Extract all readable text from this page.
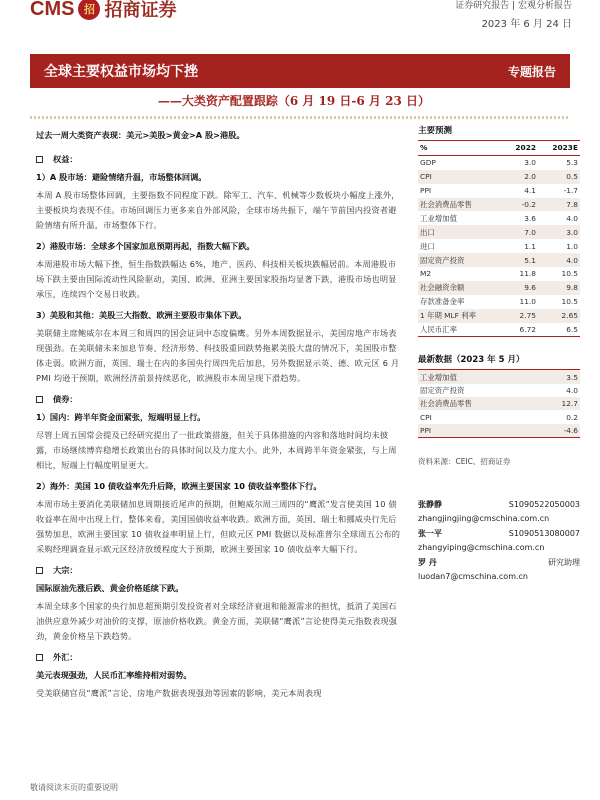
CMS 招 招商证券	证券研究报告 | 宏观分析报告
2023 年 6 月 24 日
全球主要权益市场均下挫	专题报告
——大类资产配置跟踪（6 月 19 日-6 月 23 日）

过去一周大类资产表现：美元>美股>黄金>A 股>港股。

权益：

1）A 股市场：避险情绪升温，市场整体回调。

本周 A 股市场整体回调，主要指数不同程度下跌。除军工、汽车、机械等少数板块小幅度上涨外，主要板块均表现不佳。市场回调压力更多来自外部风险，全球市场共振下，端午节前国内投资者避险情绪有所升温，市场整体下行。

2）港股市场：全球多个国家加息预期再起，指数大幅下跌。

本周港股市场大幅下挫，恒生指数跌幅达 6%，地产、医药、科技相关板块跌幅居前。本周港股市场下跌主要由国际流动性风险驱动，美国、欧洲、亚洲主要国家股指均显著下跌，港股市场也明显承压，连续四个交易日收跌。

3）美股和其他：美股三大指数、欧洲主要股市集体下跌。

美联储主席鲍威尔在本周三和周四的国会证词中态度偏鹰。另外本周数据显示，美国房地产市场表现强劲。在美联储未来加息节奏、经济形势、科技股重回跌势拖累美股大盘的情况下，美国股市整体走弱。欧洲方面，英国、瑞士在内的多国央行周四先后加息，另外数据显示英、德、欧元区 6 月 PMI 均逊于预期，欧洲经济前景持续恶化，欧洲股市本周呈现下滑趋势。

债券：

1）国内：跨半年资金面紧张，短端明显上行。

尽管上周五国常会提及已经研究提出了一批政策措施，但关于具体措施的内容和落地时间均未披露，市场继续博弈稳增长政策出台的具体时间以及力度大小。此外，本周跨半年资金紧张，与上周相比，短端上行幅度明显更大。

2）海外：美国 10 债收益率先升后降，欧洲主要国家 10 债收益率整体下行。

本周市场主要消化美联储加息周期接近尾声的预期，但鲍威尔周三周四的“鹰派”发言使美国 10 债收益率在周中出现上行，整体来看，美国国债收益率收跌。欧洲方面，英国、瑞士和挪威央行先后强势加息，欧洲主要国家 10 债收益率明显上行，但欧元区 PMI 数据以及标准普尔全球周五公布的采购经理调查显示欧元区经济放缓程度大于预期，欧洲主要国家 10 债收益率大幅下行。

大宗：

国际原油先涨后跌、黄金价格延续下跌。

本周全球多个国家的央行加息超预期引发投资者对全球经济衰退和能源需求的担忧，抵消了美国石油供应意外减少对油价的支撑，原油价格收跌。黄金方面，美联储“鹰派”言论使得美元指数表现强劲，黄金价格呈下跌趋势。

外汇：

美元表现强劲，人民币汇率维持相对弱势。

受美联储官员“鹰派”言论、房地产数据表现强劲等因素的影响，美元本周表现

主要预测
%	2022	2023E
GDP	3.0	5.3
CPI	2.0	0.5
PPI	4.1	-1.7
社会消费品零售	-0.2	7.8
工业增加值	3.6	4.0
出口	7.0	3.0
进口	1.1	1.0
固定资产投资	5.1	4.0
M2	11.8	10.5
社会融资余额	9.6	9.8
存款准备金率	11.0	10.5
1 年期 MLF 利率	2.75	2.65
人民币汇率	6.72	6.5
最新数据（2023 年 5 月）
工业增加值	3.5
固定资产投资	4.0
社会消费品零售	12.7
CPI	0.2
PPI	-4.6
资料来源：CEIC、招商证券
张静静	S1090522050003
zhangjingjing@cmschina.com.cn
张一平	S1090513080007
zhangyiping@cmschina.com.cn
罗 丹	研究助理
luodan7@cmschina.com.cn
敬请阅读末页的重要说明
